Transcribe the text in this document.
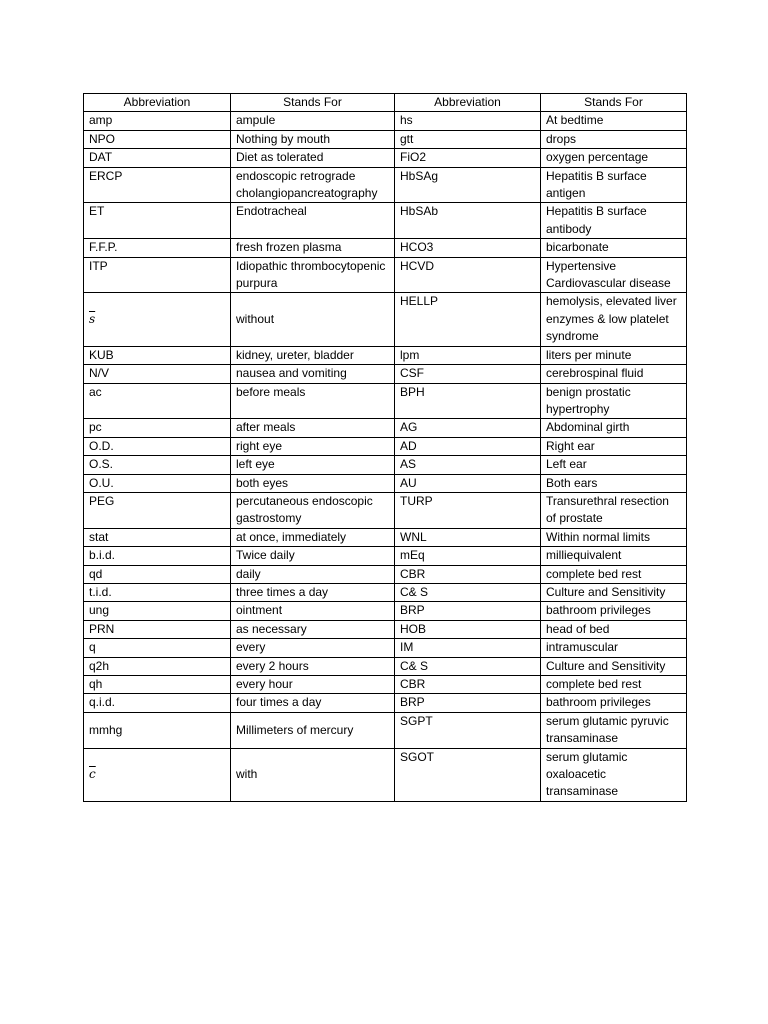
Abbreviation	Stands For	Abbreviation	Stands For
amp	ampule	hs	At bedtime
NPO	Nothing by mouth	gtt	drops
DAT	Diet as tolerated	FiO2	oxygen percentage
ERCP	endoscopic retrograde cholangiopancreatography	HbSAg	Hepatitis B surface antigen
ET	Endotracheal	HbSAb	Hepatitis B surface antibody
F.F.P.	fresh frozen plasma	HCO3	bicarbonate
ITP	Idiopathic thrombocytopenic purpura	HCVD	Hypertensive Cardiovascular disease
$\overline{s}$	without	HELLP	hemolysis, elevated liver enzymes & low platelet syndrome
KUB	kidney, ureter, bladder	lpm	liters per minute
N/V	nausea and vomiting	CSF	cerebrospinal fluid
ac	before meals	BPH	benign prostatic hypertrophy
pc	after meals	AG	Abdominal girth
O.D.	right eye	AD	Right ear
O.S.	left eye	AS	Left ear
O.U.	both eyes	AU	Both ears
PEG	percutaneous endoscopic gastrostomy	TURP	Transurethral resection of prostate
stat	at once, immediately	WNL	Within normal limits
b.i.d.	Twice daily	mEq	milliequivalent
qd	daily	CBR	complete bed rest
t.i.d.	three times a day	C& S	Culture and Sensitivity
ung	ointment	BRP	bathroom privileges
PRN	as necessary	HOB	head of bed
q	every	IM	intramuscular
q2h	every 2 hours	C& S	Culture and Sensitivity
qh	every hour	CBR	complete bed rest
q.i.d.	four times a day	BRP	bathroom privileges
mmhg	Millimeters of mercury	SGPT	serum glutamic pyruvic transaminase
$\overline{c}$	with	SGOT	serum glutamic oxaloacetic transaminase
